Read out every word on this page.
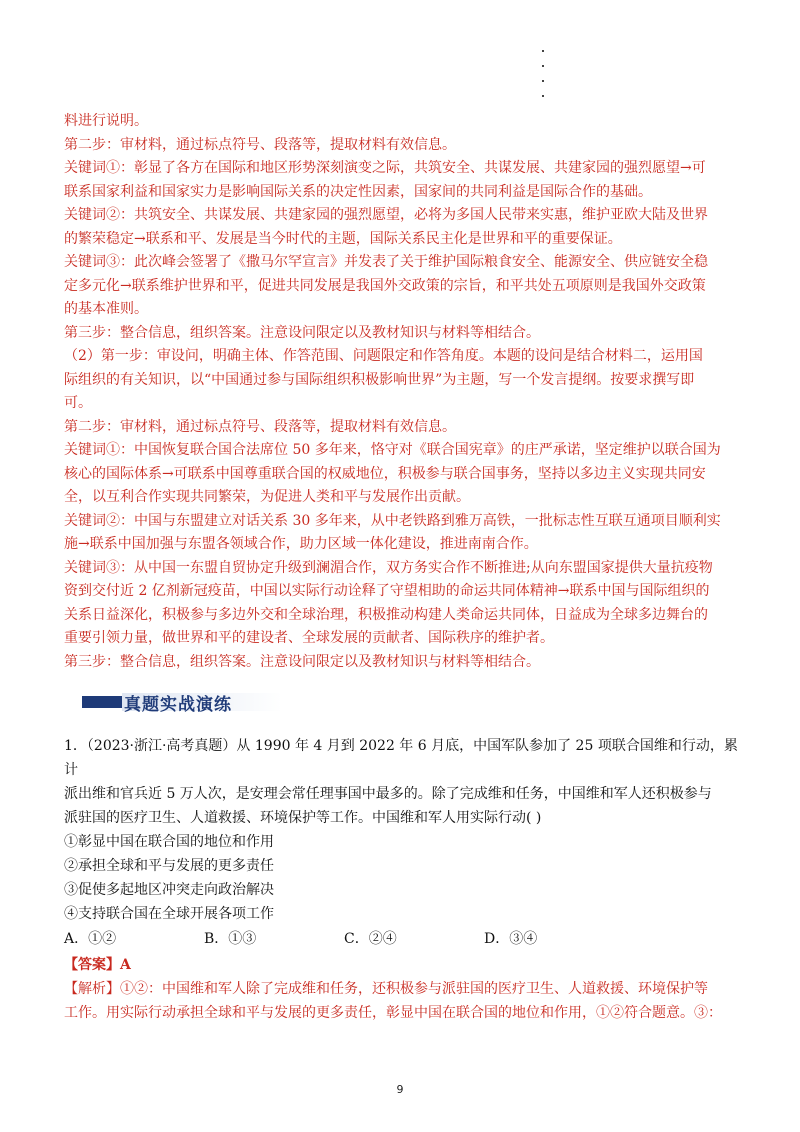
料进行说明。

第二步：审材料，通过标点符号、段落等，提取材料有效信息。

关键词①：彰显了各方在国际和地区形势深刻演变之际，共筑安全、共谋发展、共建家园的强烈愿望→可

联系国家利益和国家实力是影响国际关系的决定性因素，国家间的共同利益是国际合作的基础。

关键词②：共筑安全、共谋发展、共建家园的强烈愿望，必将为多国人民带来实惠，维护亚欧大陆及世界

的繁荣稳定→联系和平、发展是当今时代的主题，国际关系民主化是世界和平的重要保证。

关键词③：此次峰会签署了《撒马尔罕宣言》并发表了关于维护国际粮食安全、能源安全、供应链安全稳

定多元化→联系维护世界和平，促进共同发展是我国外交政策的宗旨，和平共处五项原则是我国外交政策

的基本准则。

第三步：整合信息，组织答案。注意设问限定以及教材知识与材料等相结合。

（2）第一步：审设问，明确主体、作答范围、问题限定和作答角度。本题的设问是结合材料二，运用国

际组织的有关知识，以“中国通过参与国际组织积极影响世界”为主题，写一个发言提纲。按要求撰写即

可。

第二步：审材料，通过标点符号、段落等，提取材料有效信息。

关键词①：中国恢复联合国合法席位 50 多年来，恪守对《联合国宪章》的庄严承诺，坚定维护以联合国为

核心的国际体系→可联系中国尊重联合国的权威地位，积极参与联合国事务，坚持以多边主义实现共同安

全，以互利合作实现共同繁荣，为促进人类和平与发展作出贡献。

关键词②：中国与东盟建立对话关系 30 多年来，从中老铁路到雅万高铁，一批标志性互联互通项目顺利实

施→联系中国加强与东盟各领域合作，助力区域一体化建设，推进南南合作。

关键词③：从中国一东盟自贸协定升级到澜湄合作，双方务实合作不断推进;从向东盟国家提供大量抗疫物

资到交付近 2 亿剂新冠疫苗，中国以实际行动诠释了守望相助的命运共同体精神→联系中国与国际组织的

关系日益深化，积极参与多边外交和全球治理，积极推动构建人类命运共同体，日益成为全球多边舞台的

重要引领力量，做世界和平的建设者、全球发展的贡献者、国际秩序的维护者。

第三步：整合信息，组织答案。注意设问限定以及教材知识与材料等相结合。

真题实战演练

1．（2023·浙江·高考真题）从 1990 年 4 月到 2022 年 6 月底，中国军队参加了 25 项联合国维和行动，累计

派出维和官兵近 5 万人次，是安理会常任理事国中最多的。除了完成维和任务，中国维和军人还积极参与

派驻国的医疗卫生、人道救援、环境保护等工作。中国维和军人用实际行动( )

①彰显中国在联合国的地位和作用

②承担全球和平与发展的更多责任

③促使多起地区冲突走向政治解决

④支持联合国在全球开展各项工作

A．①②	B．①③	C．②④	D．③④

【答案】A

【解析】①②：中国维和军人除了完成维和任务，还积极参与派驻国的医疗卫生、人道救援、环境保护等

工作。用实际行动承担全球和平与发展的更多责任，彰显中国在联合国的地位和作用，①②符合题意。③：

9
